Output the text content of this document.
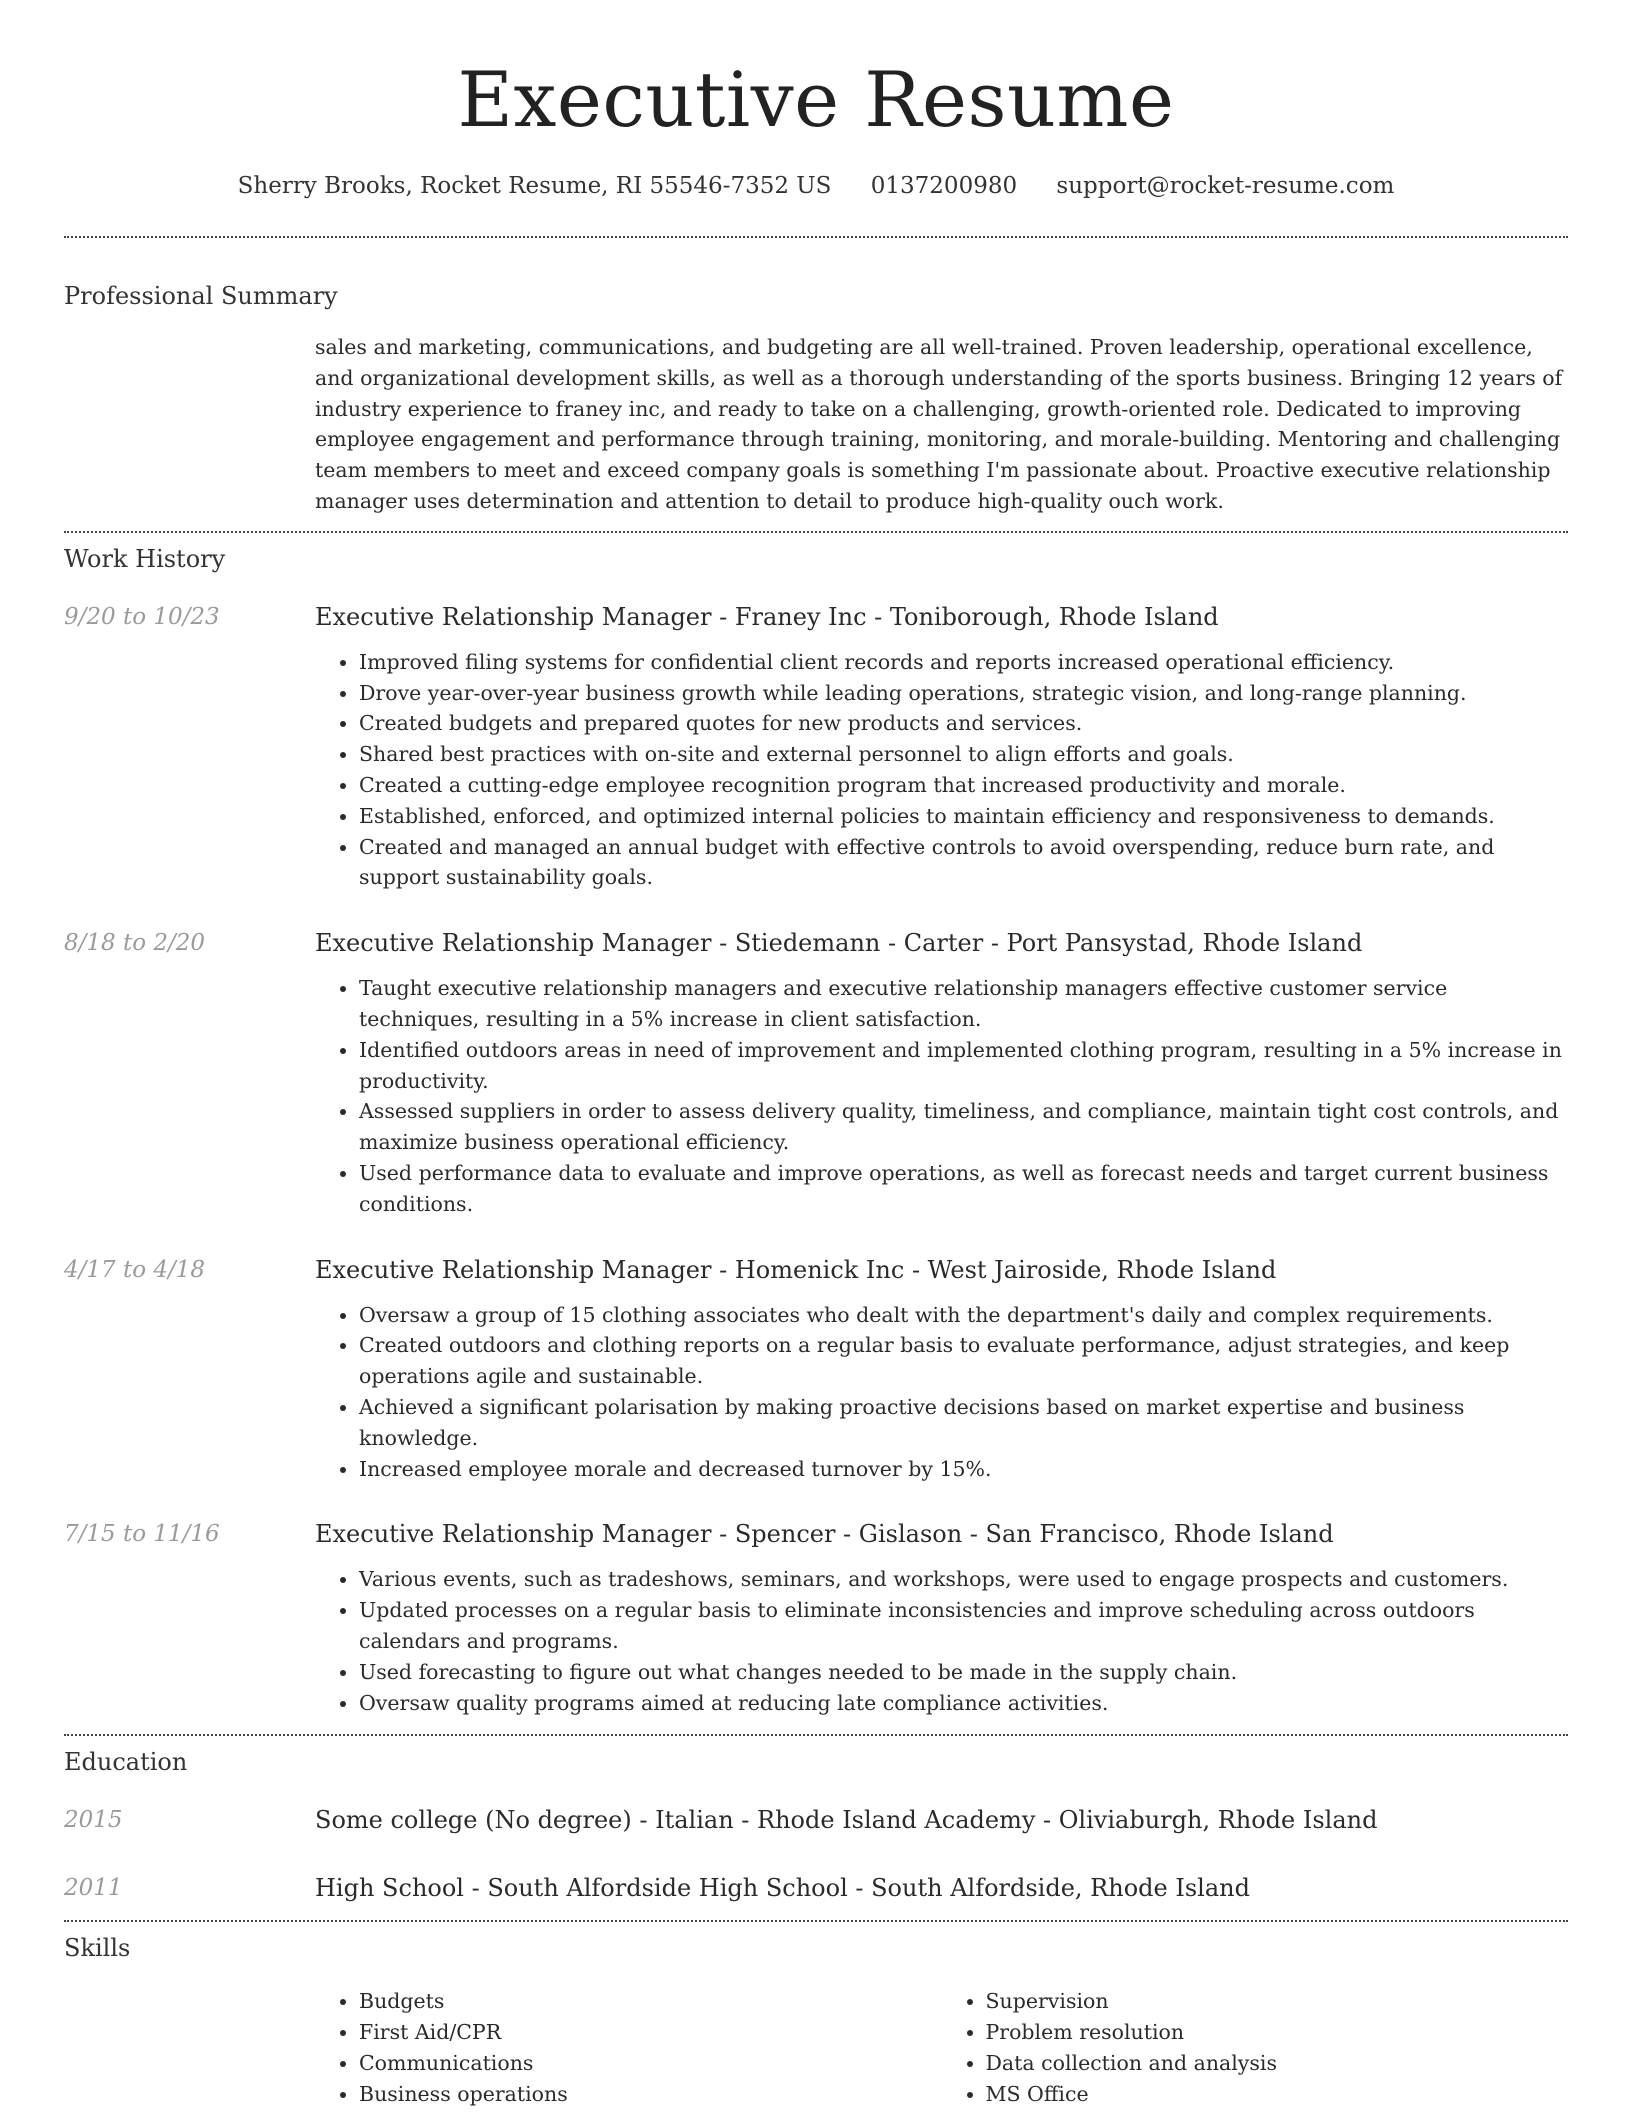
Executive Resume
Sherry Brooks, Rocket Resume, RI 55546-7352 US 0137200980 support@rocket-resume.com
Professional Summary
sales and marketing, communications, and budgeting are all well-trained. Proven leadership, operational excellence, and organizational development skills, as well as a thorough understanding of the sports business. Bringing 12 years of industry experience to franey inc, and ready to take on a challenging, growth-oriented role. Dedicated to improving employee engagement and performance through training, monitoring, and morale-building. Mentoring and challenging team members to meet and exceed company goals is something I'm passionate about. Proactive executive relationship manager uses determination and attention to detail to produce high-quality ouch work.
Work History
9/20 to 10/23	Executive Relationship Manager - Franey Inc - Toniborough, Rhode Island
• Improved filing systems for confidential client records and reports increased operational efficiency.
• Drove year-over-year business growth while leading operations, strategic vision, and long-range planning.
• Created budgets and prepared quotes for new products and services.
• Shared best practices with on-site and external personnel to align efforts and goals.
• Created a cutting-edge employee recognition program that increased productivity and morale.
• Established, enforced, and optimized internal policies to maintain efficiency and responsiveness to demands.
• Created and managed an annual budget with effective controls to avoid overspending, reduce burn rate, and support sustainability goals.
8/18 to 2/20	Executive Relationship Manager - Stiedemann - Carter - Port Pansystad, Rhode Island
• Taught executive relationship managers and executive relationship managers effective customer service techniques, resulting in a 5% increase in client satisfaction.
• Identified outdoors areas in need of improvement and implemented clothing program, resulting in a 5% increase in productivity.
• Assessed suppliers in order to assess delivery quality, timeliness, and compliance, maintain tight cost controls, and maximize business operational efficiency.
• Used performance data to evaluate and improve operations, as well as forecast needs and target current business conditions.
4/17 to 4/18	Executive Relationship Manager - Homenick Inc - West Jairoside, Rhode Island
• Oversaw a group of 15 clothing associates who dealt with the department's daily and complex requirements.
• Created outdoors and clothing reports on a regular basis to evaluate performance, adjust strategies, and keep operations agile and sustainable.
• Achieved a significant polarisation by making proactive decisions based on market expertise and business knowledge.
• Increased employee morale and decreased turnover by 15%.
7/15 to 11/16	Executive Relationship Manager - Spencer - Gislason - San Francisco, Rhode Island
• Various events, such as tradeshows, seminars, and workshops, were used to engage prospects and customers.
• Updated processes on a regular basis to eliminate inconsistencies and improve scheduling across outdoors calendars and programs.
• Used forecasting to figure out what changes needed to be made in the supply chain.
• Oversaw quality programs aimed at reducing late compliance activities.
Education
2015	Some college (No degree) - Italian - Rhode Island Academy - Oliviaburgh, Rhode Island
2011	High School - South Alfordside High School - South Alfordside, Rhode Island
Skills
• Budgets
• First Aid/CPR
• Communications
• Business operations
• Supervision
• Problem resolution
• Data collection and analysis
• MS Office
